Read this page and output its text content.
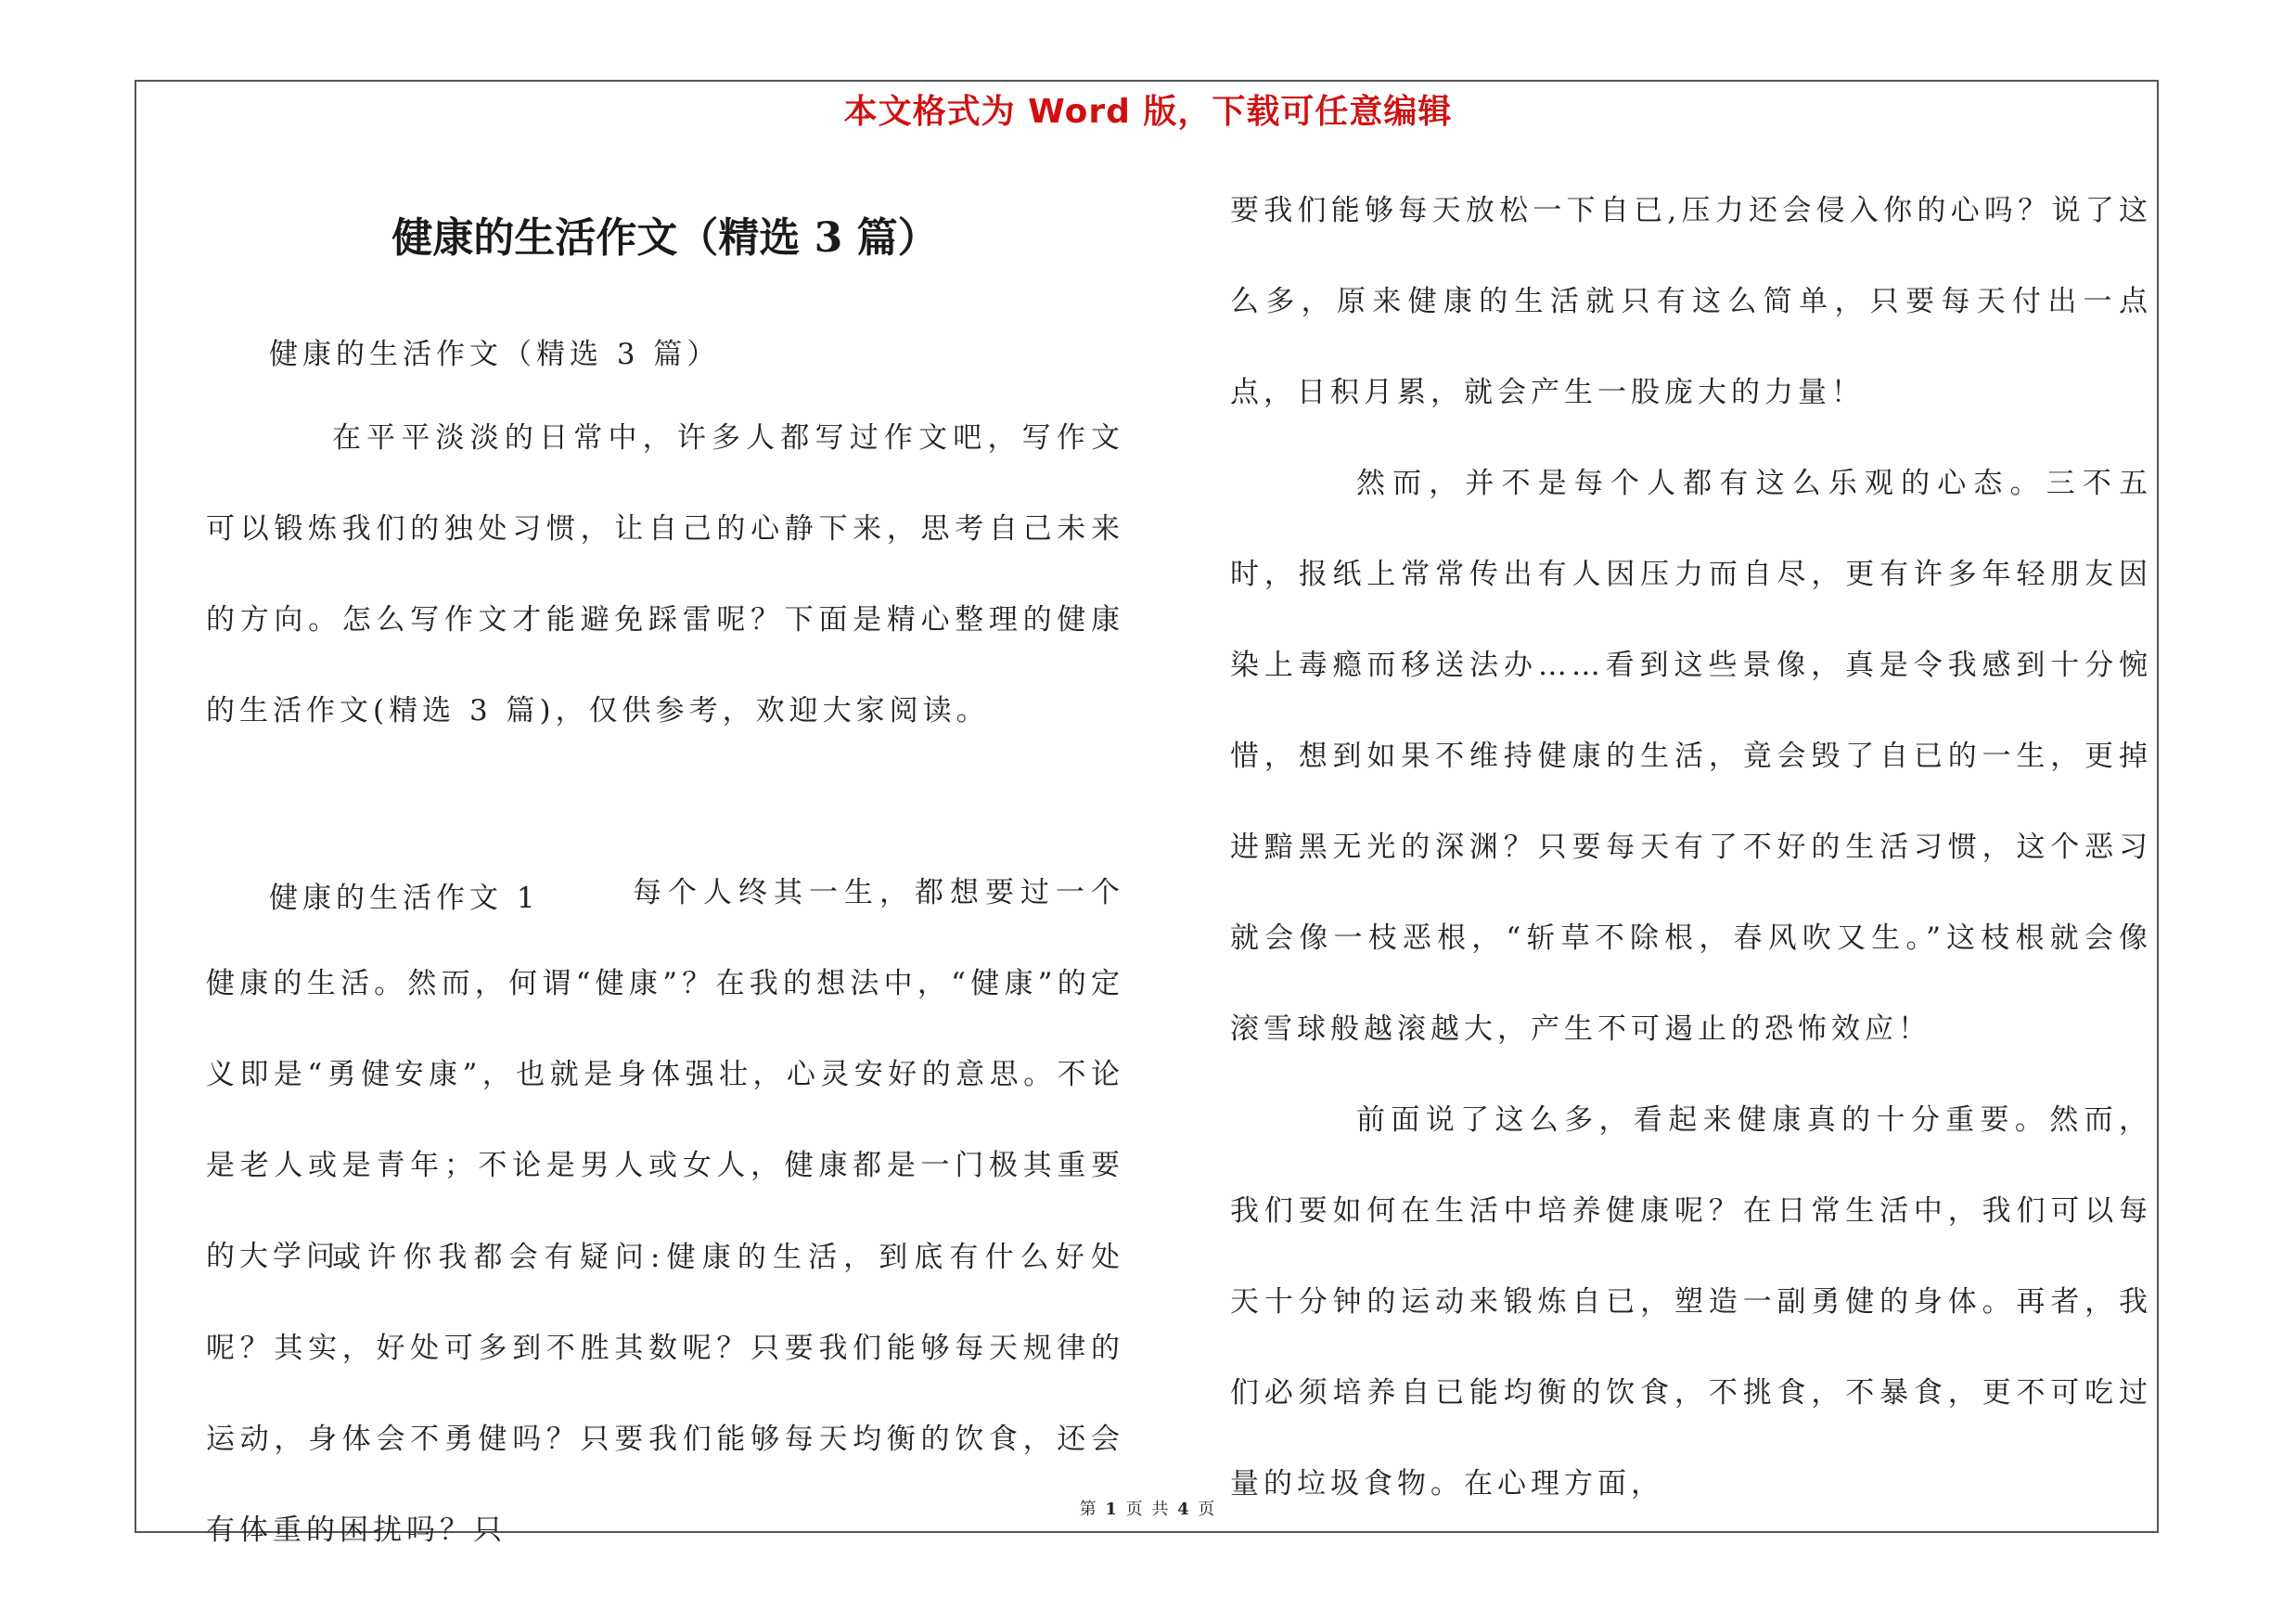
本文格式为 Word 版，下载可任意编辑
健康的生活作文（精选 3 篇）
健康的生活作文（精选 3 篇）

在平平淡淡的日常中，许多人都写过作文吧，写作文可以锻炼我们的独处习惯，让自己的心静下来，思考自己未来的方向。怎么写作文才能避免踩雷呢？下面是精心整理的健康的生活作文(精选 3 篇)，仅供参考，欢迎大家阅读。

健康的生活作文 1	每个人终其一生，都想要过一个健康的生活。然而，何谓“健康”？在我的想法中，“健康”的定义即是“勇健安康”，也就是身体强壮，心灵安好的意思。不论是老人或是青年；不论是男人或女人，健康都是一门极其重要的大学问。

或许你我都会有疑问:健康的生活，到底有什么好处呢？其实，好处可多到不胜其数呢？只要我们能够每天规律的运动，身体会不勇健吗？只要我们能够每天均衡的饮食，还会有体重的困扰吗？只

要我们能够每天放松一下自已,压力还会侵入你的心吗？说了这么多，原来健康的生活就只有这么简单，只要每天付出一点点，日积月累，就会产生一股庞大的力量！

然而，并不是每个人都有这么乐观的心态。三不五时，报纸上常常传出有人因压力而自尽，更有许多年轻朋友因染上毒瘾而移送法办……看到这些景像，真是令我感到十分惋惜，想到如果不维持健康的生活，竟会毁了自已的一生，更掉进黯黑无光的深渊？只要每天有了不好的生活习惯，这个恶习就会像一枝恶根，“斩草不除根，春风吹又生。”这枝根就会像滚雪球般越滚越大，产生不可遏止的恐怖效应！

前面说了这么多，看起来健康真的十分重要。然而，我们要如何在生活中培养健康呢？在日常生活中，我们可以每天十分钟的运动来锻炼自已，塑造一副勇健的身体。再者，我们必须培养自已能均衡的饮食，不挑食，不暴食，更不可吃过量的垃圾食物。在心理方面，

第 1 页 共 4 页
